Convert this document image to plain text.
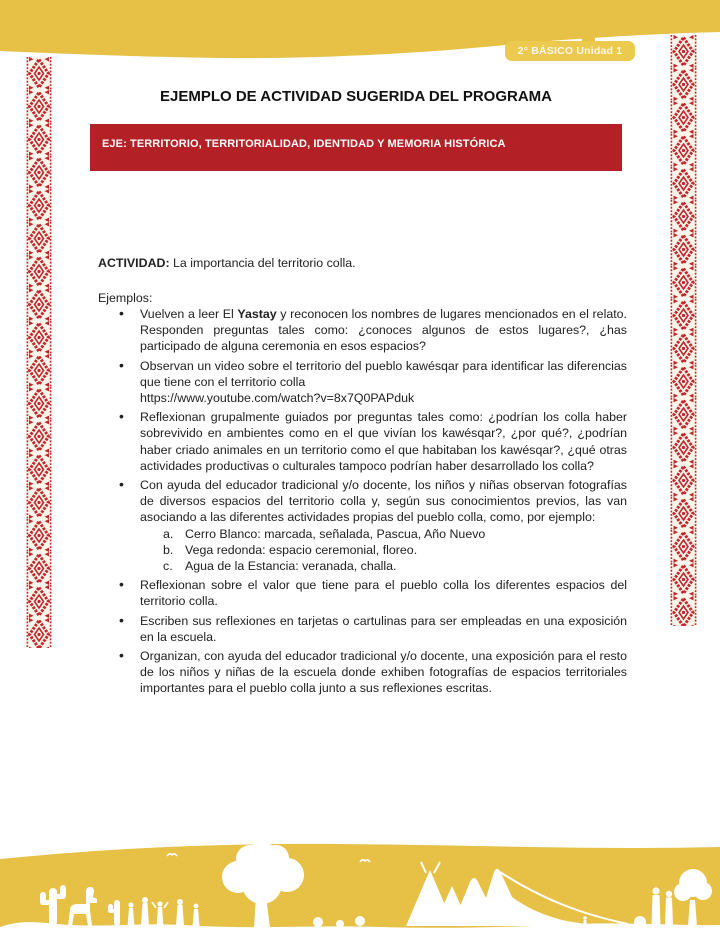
2° BÁSICO Unidad 1
EJEMPLO DE ACTIVIDAD SUGERIDA DEL PROGRAMA
EJE: TERRITORIO, TERRITORIALIDAD, IDENTIDAD Y MEMORIA HISTÓRICA
ACTIVIDAD: La importancia del territorio colla.
Ejemplos:
• Vuelven a leer El Yastay y reconocen los nombres de lugares mencionados en el relato. Responden preguntas tales como: ¿conoces algunos de estos lugares?, ¿has participado de alguna ceremonia en esos espacios?
• Observan un video sobre el territorio del pueblo kawésqar para identificar las diferencias que tiene con el territorio colla
https://www.youtube.com/watch?v=8x7Q0PAPduk
• Reflexionan grupalmente guiados por preguntas tales como: ¿podrían los colla haber sobrevivido en ambientes como en el que vivían los kawésqar?, ¿por qué?, ¿podrían haber criado animales en un territorio como el que habitaban los kawésqar?, ¿qué otras actividades productivas o culturales tampoco podrían haber desarrollado los colla?
• Con ayuda del educador tradicional y/o docente, los niños y niñas observan fotografías de diversos espacios del territorio colla y, según sus conocimientos previos, las van asociando a las diferentes actividades propias del pueblo colla, como, por ejemplo:
a. Cerro Blanco: marcada, señalada, Pascua, Año Nuevo
b. Vega redonda: espacio ceremonial, floreo.
c. Agua de la Estancia: veranada, challa.
• Reflexionan sobre el valor que tiene para el pueblo colla los diferentes espacios del territorio colla.
• Escriben sus reflexiones en tarjetas o cartulinas para ser empleadas en una exposición en la escuela.
• Organizan, con ayuda del educador tradicional y/o docente, una exposición para el resto de los niños y niñas de la escuela donde exhiben fotografías de espacios territoriales importantes para el pueblo colla junto a sus reflexiones escritas.
